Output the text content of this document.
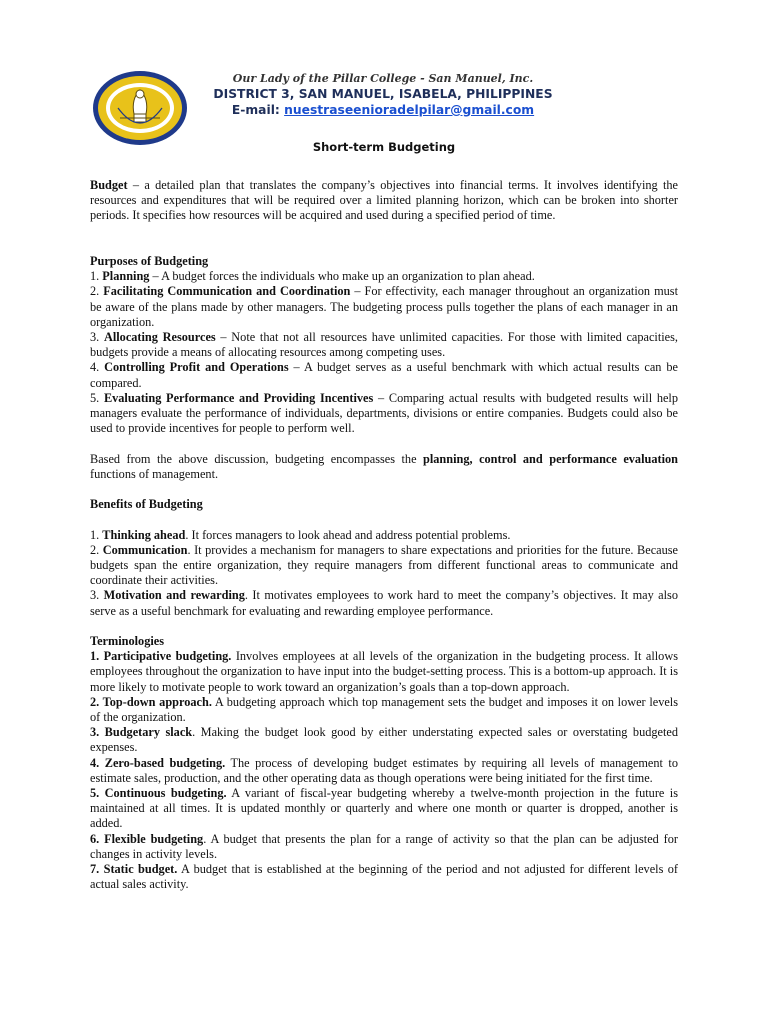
Our Lady of the Pillar College - San Manuel, Inc.
DISTRICT 3, SAN MANUEL, ISABELA, PHILIPPINES
E-mail: nuestraseenioradelpilar@gmail.com
Short-term Budgeting

Budget – a detailed plan that translates the company’s objectives into financial terms. It involves identifying the resources and expenditures that will be required over a limited planning horizon, which can be broken into shorter periods. It specifies how resources will be acquired and used during a specified period of time.

Purposes of Budgeting

1. Planning – A budget forces the individuals who make up an organization to plan ahead.

2. Facilitating Communication and Coordination – For effectivity, each manager throughout an organization must be aware of the plans made by other managers. The budgeting process pulls together the plans of each manager in an organization.

3. Allocating Resources – Note that not all resources have unlimited capacities. For those with limited capacities, budgets provide a means of allocating resources among competing uses.

4. Controlling Profit and Operations – A budget serves as a useful benchmark with which actual results can be compared.

5. Evaluating Performance and Providing Incentives – Comparing actual results with budgeted results will help managers evaluate the performance of individuals, departments, divisions or entire companies. Budgets could also be used to provide incentives for people to perform well.

Based from the above discussion, budgeting encompasses the planning, control and performance evaluation functions of management.

Benefits of Budgeting

1. Thinking ahead. It forces managers to look ahead and address potential problems.

2. Communication. It provides a mechanism for managers to share expectations and priorities for the future. Because budgets span the entire organization, they require managers from different functional areas to communicate and coordinate their activities.

3. Motivation and rewarding. It motivates employees to work hard to meet the company’s objectives. It may also serve as a useful benchmark for evaluating and rewarding employee performance.

Terminologies

1. Participative budgeting. Involves employees at all levels of the organization in the budgeting process. It allows employees throughout the organization to have input into the budget-setting process. This is a bottom-up approach. It is more likely to motivate people to work toward an organization’s goals than a top-down approach.

2. Top-down approach. A budgeting approach which top management sets the budget and imposes it on lower levels of the organization.

3. Budgetary slack. Making the budget look good by either understating expected sales or overstating budgeted expenses.

4. Zero-based budgeting. The process of developing budget estimates by requiring all levels of management to estimate sales, production, and the other operating data as though operations were being initiated for the first time.

5. Continuous budgeting. A variant of fiscal-year budgeting whereby a twelve-month projection in the future is maintained at all times. It is updated monthly or quarterly and where one month or quarter is dropped, another is added.

6. Flexible budgeting. A budget that presents the plan for a range of activity so that the plan can be adjusted for changes in activity levels.

7. Static budget. A budget that is established at the beginning of the period and not adjusted for different levels of actual sales activity.
